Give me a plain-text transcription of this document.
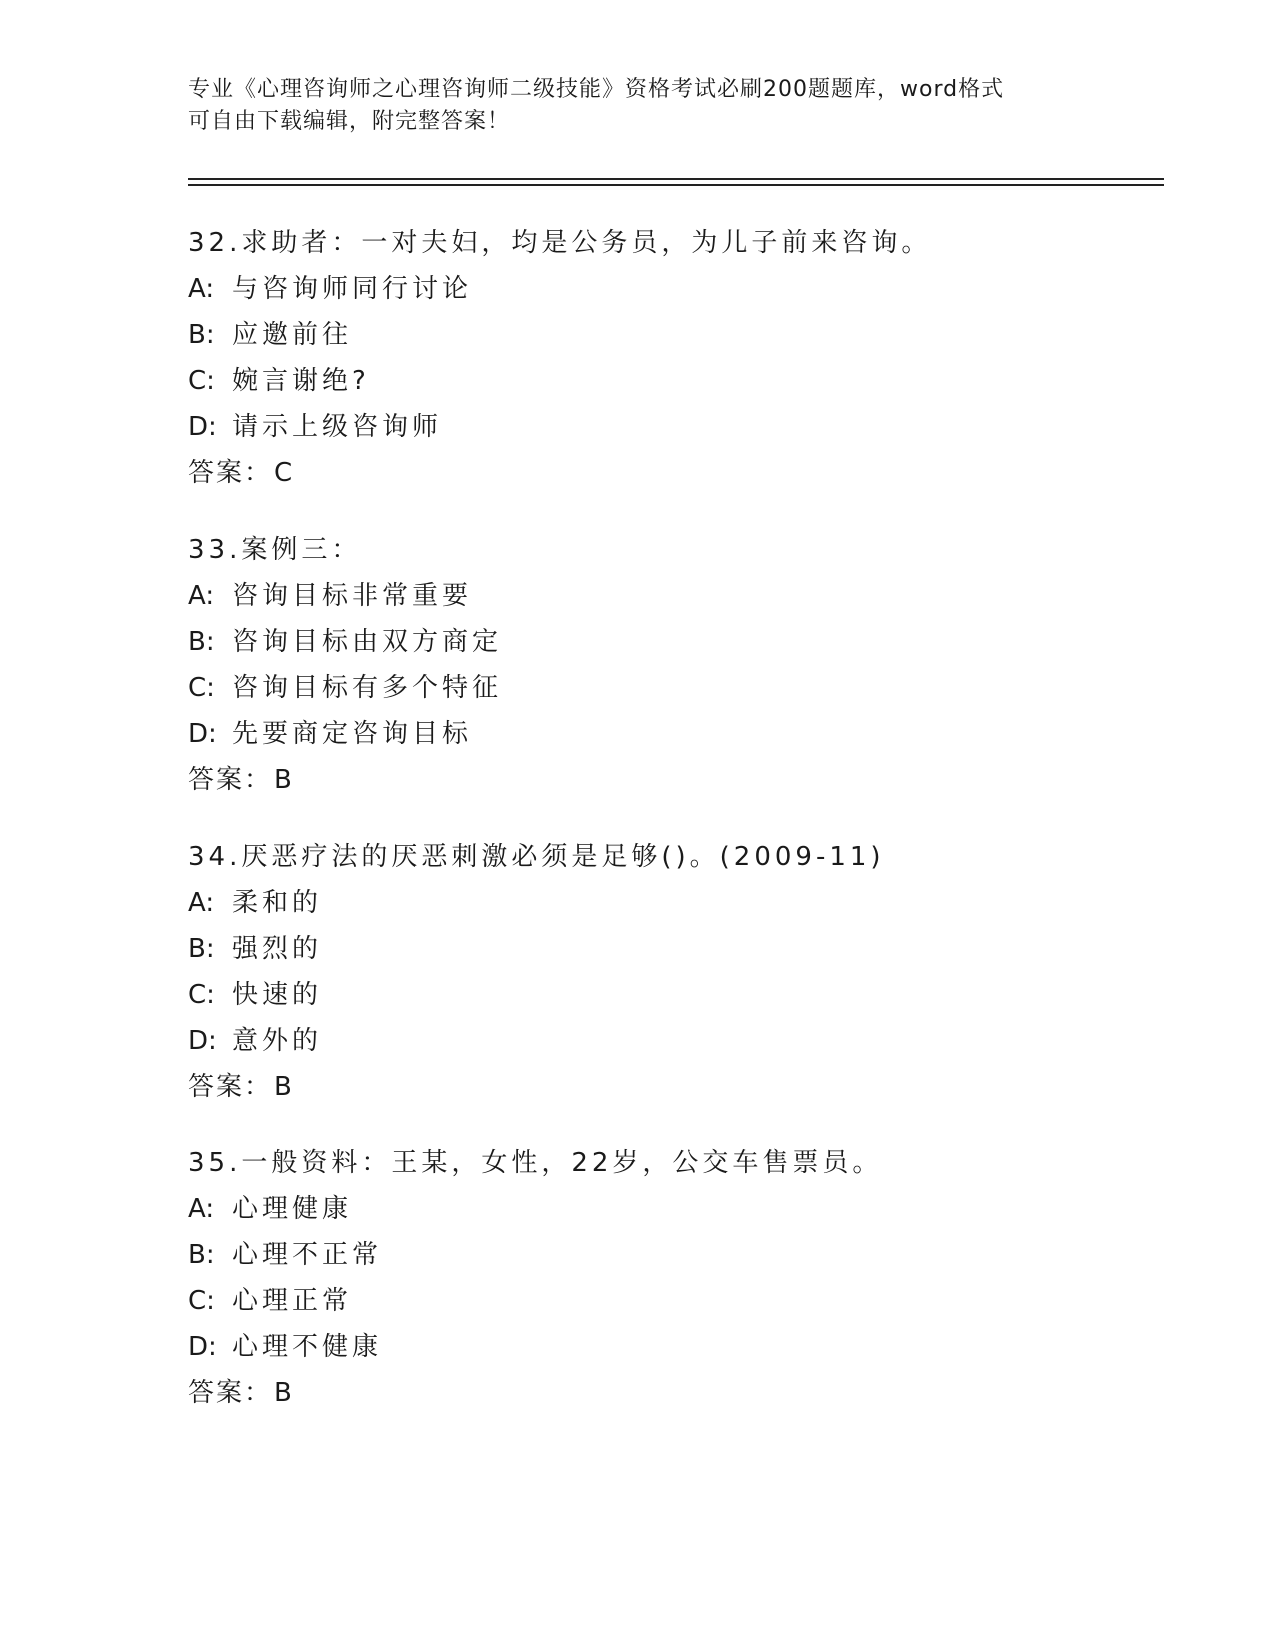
专业《心理咨询师之心理咨询师二级技能》资格考试必刷200题题库，word格式
可自由下载编辑，附完整答案！
32.求助者：一对夫妇，均是公务员，为儿子前来咨询。
A: 与咨询师同行讨论
B: 应邀前往
C: 婉言谢绝?
D: 请示上级咨询师
答案：C
33.案例三：
A: 咨询目标非常重要
B: 咨询目标由双方商定
C: 咨询目标有多个特征
D: 先要商定咨询目标
答案：B
34.厌恶疗法的厌恶刺激必须是足够()。(2009-11)
A: 柔和的
B: 强烈的
C: 快速的
D: 意外的
答案：B
35.一般资料：王某，女性，22岁，公交车售票员。
A: 心理健康
B: 心理不正常
C: 心理正常
D: 心理不健康
答案：B
